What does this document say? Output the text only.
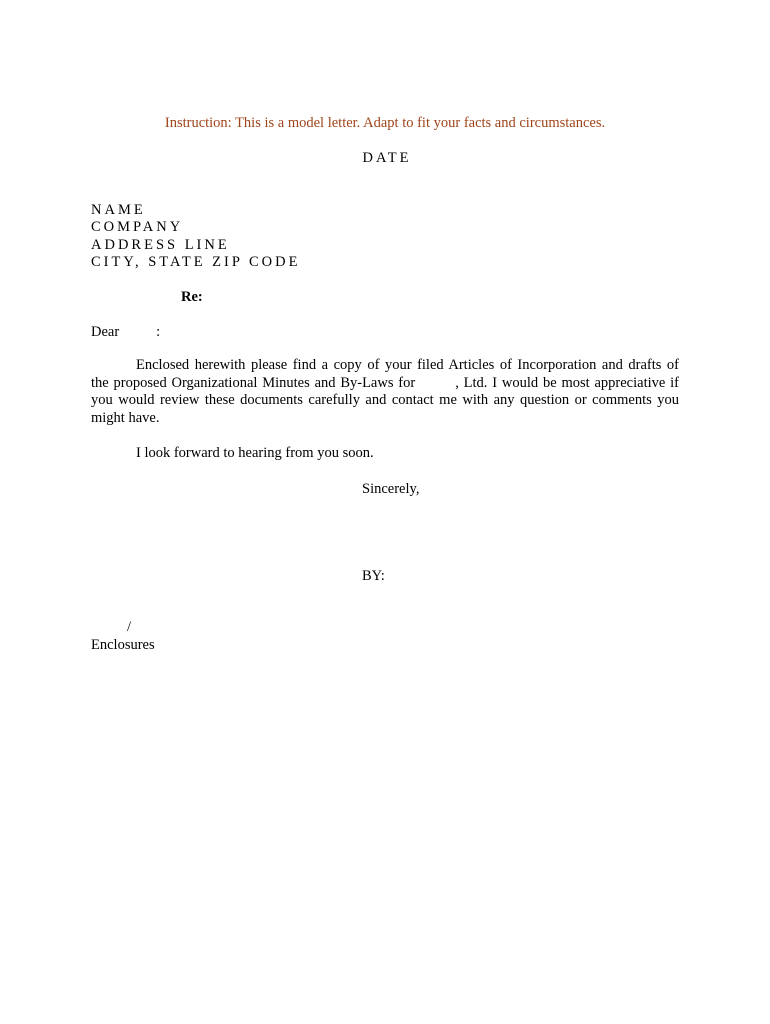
Instruction: This is a model letter. Adapt to fit your facts and circumstances.
DATE
NAME
COMPANY
ADDRESS LINE
CITY, STATE ZIP CODE
Re:
Dear	:
Enclosed herewith please find a copy of your filed Articles of Incorporation and drafts of
the proposed Organizational Minutes and By-Laws for	, Ltd. I would be most appreciative if
you would review these documents carefully and contact me with any question or comments you
might have.
I look forward to hearing from you soon.
Sincerely,
BY:
/
Enclosures
